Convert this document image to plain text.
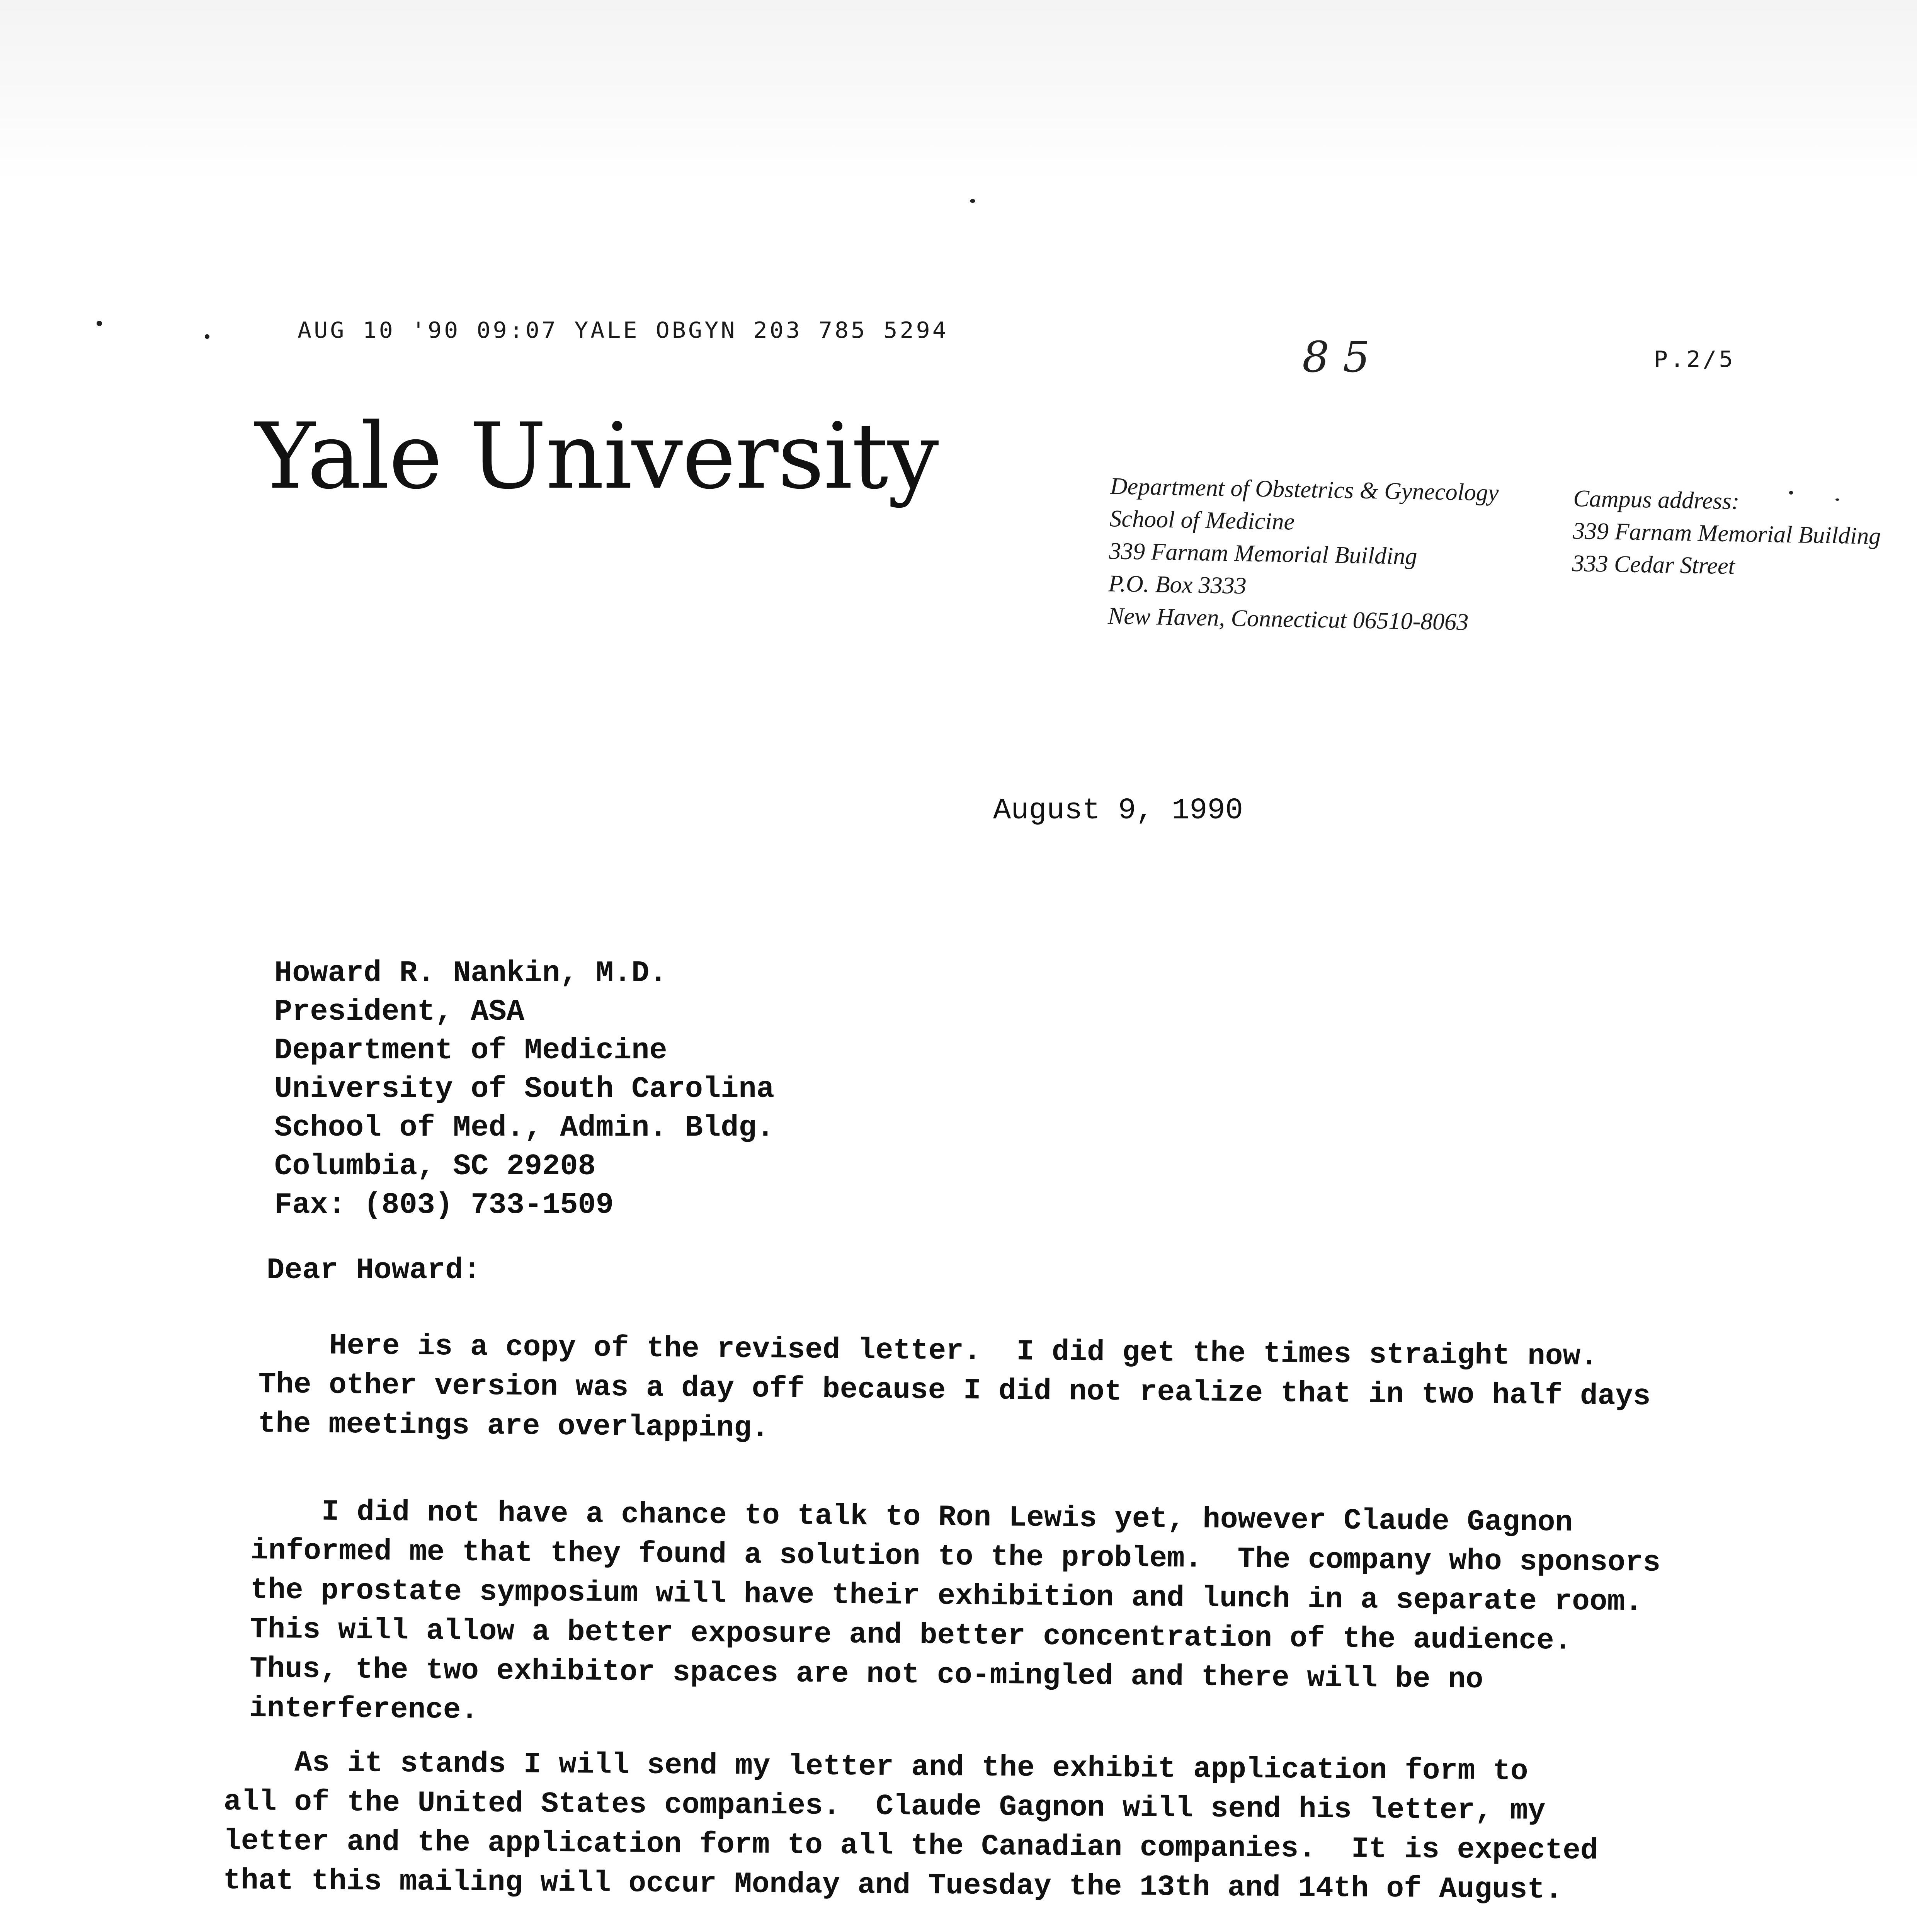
AUG 10 '90 09:07 YALE OBGYN 203 785 5294
P.2/5
8 5
Yale University	Department of Obstetrics & Gynecology
School of Medicine
339 Farnam Memorial Building
P.O. Box 3333
New Haven, Connecticut 06510-8063
Campus address:
339 Farnam Memorial Building
333 Cedar Street
August 9, 1990
Howard R. Nankin, M.D.
President, ASA
Department of Medicine
University of South Carolina
School of Med., Admin. Bldg.
Columbia, SC 29208
Fax: (803) 733-1509
Dear Howard:
Here is a copy of the revised letter.  I did get the times straight now.
The other version was a day off because I did not realize that in two half days
the meetings are overlapping.
I did not have a chance to talk to Ron Lewis yet, however Claude Gagnon
informed me that they found a solution to the problem.  The company who sponsors
the prostate symposium will have their exhibition and lunch in a separate room.
This will allow a better exposure and better concentration of the audience.
Thus, the two exhibitor spaces are not co-mingled and there will be no
interference.
As it stands I will send my letter and the exhibit application form to
all of the United States companies.  Claude Gagnon will send his letter, my
letter and the application form to all the Canadian companies.  It is expected
that this mailing will occur Monday and Tuesday the 13th and 14th of August.
